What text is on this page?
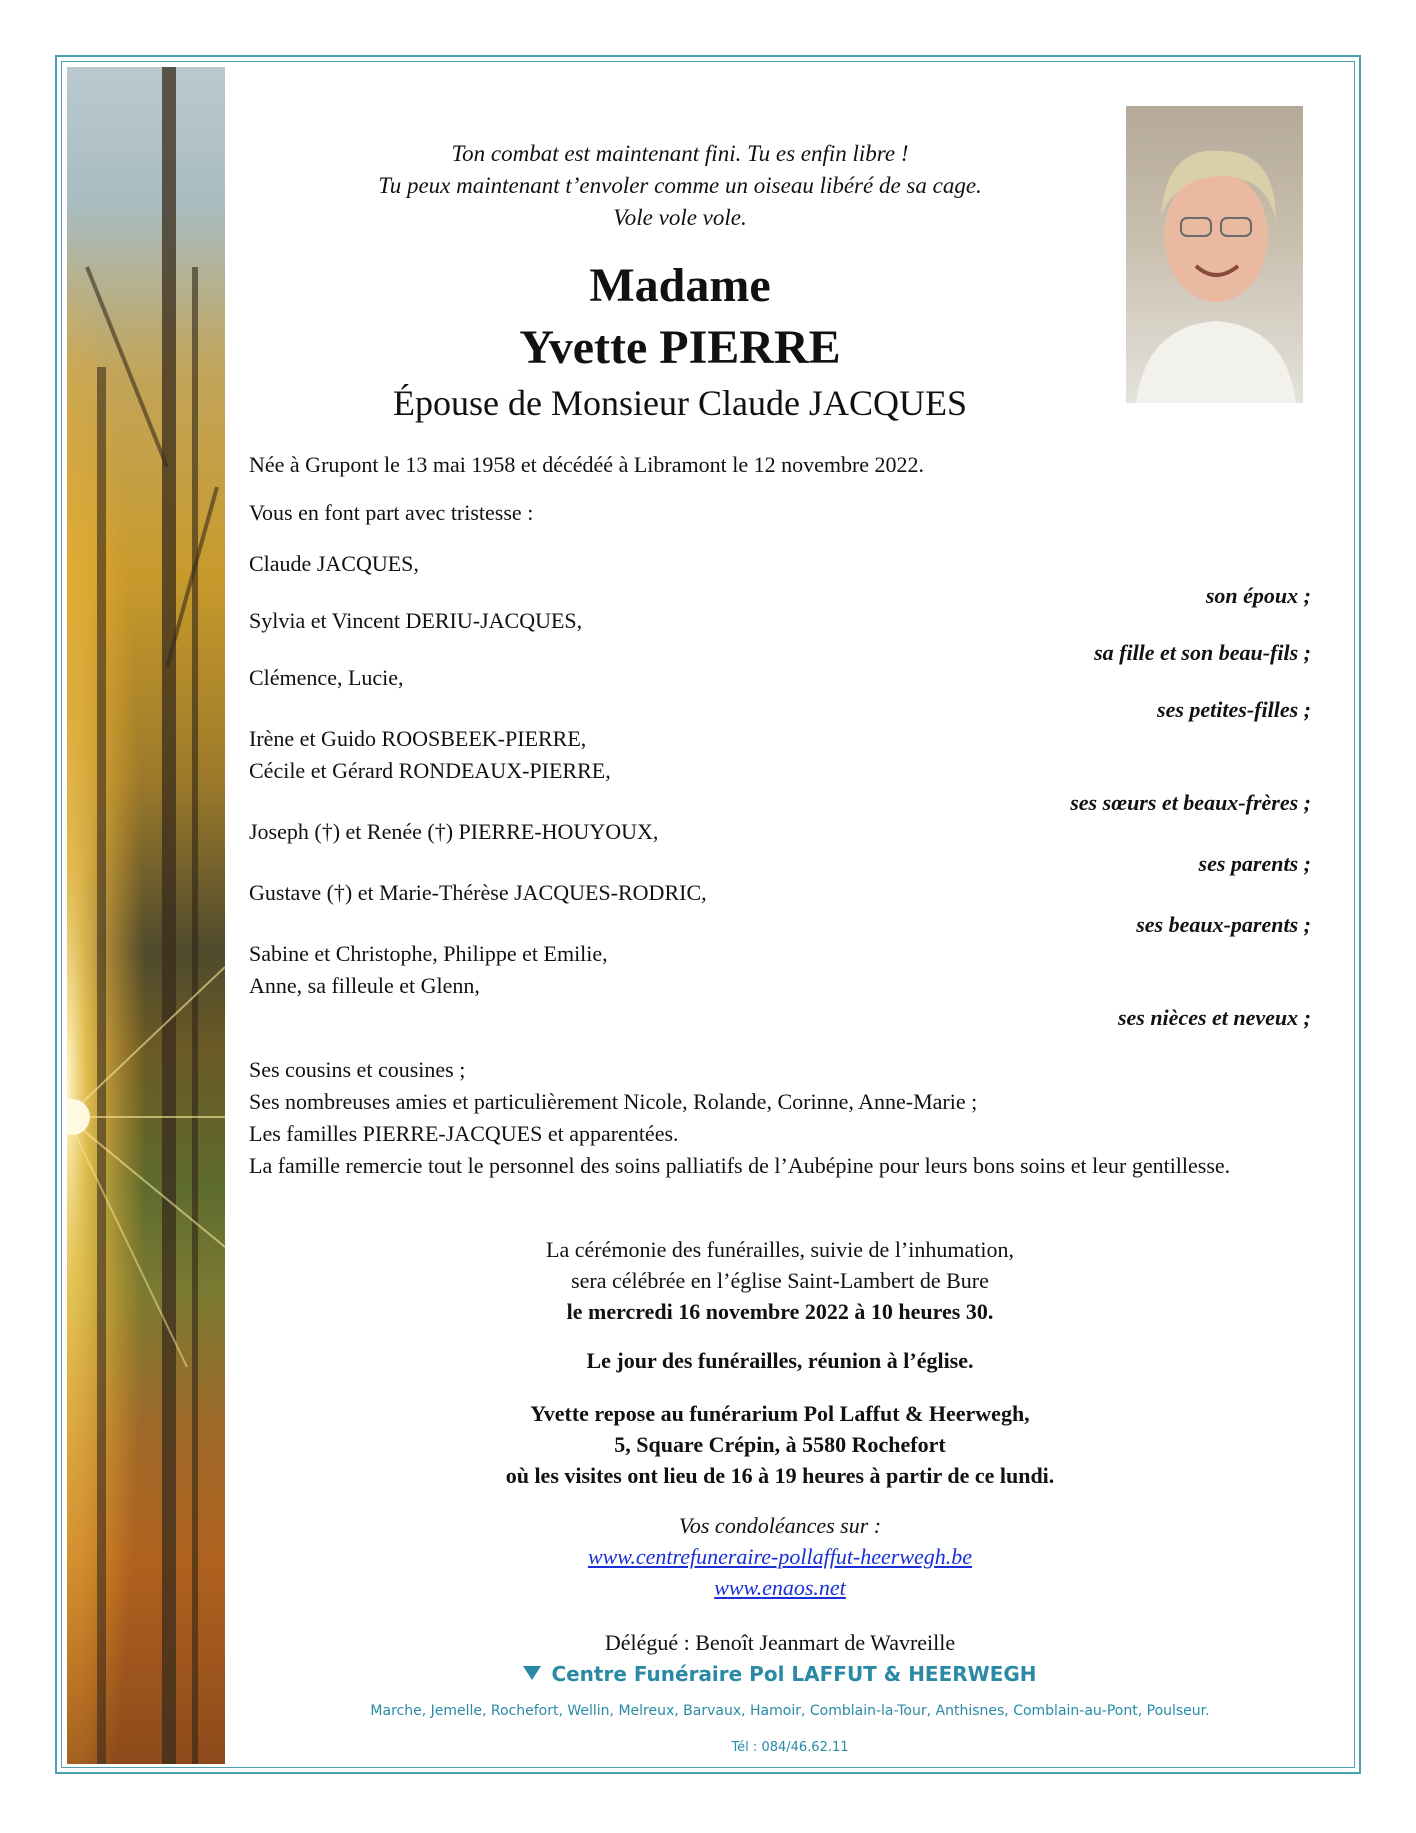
Ton combat est maintenant fini. Tu es enfin libre !
Tu peux maintenant t’envoler comme un oiseau libéré de sa cage.
Vole vole vole.
Madame
Yvette PIERRE
Épouse de Monsieur Claude JACQUES
Née à Grupont le 13 mai 1958 et décédéé à Libramont le 12 novembre 2022.
Vous en font part avec tristesse :
Claude JACQUES,
son époux ;
Sylvia et Vincent DERIU-JACQUES,
sa fille et son beau-fils ;
Clémence, Lucie,
ses petites-filles ;
Irène et Guido ROOSBEEK-PIERRE,
Cécile et Gérard RONDEAUX-PIERRE,
ses sœurs et beaux-frères ;
Joseph (†) et Renée (†) PIERRE-HOUYOUX,
ses parents ;
Gustave (†) et Marie-Thérèse JACQUES-RODRIC,
ses beaux-parents ;
Sabine et Christophe, Philippe et Emilie,
Anne, sa filleule et Glenn,
ses nièces et neveux ;
Ses cousins et cousines ;
Ses nombreuses amies et particulièrement Nicole, Rolande, Corinne, Anne-Marie ;
Les familles PIERRE-JACQUES et apparentées.
La famille remercie tout le personnel des soins palliatifs de l’Aubépine pour leurs bons soins et leur gentillesse.
La cérémonie des funérailles, suivie de l’inhumation,
sera célébrée en l’église Saint-Lambert de Bure
le mercredi 16 novembre 2022 à 10 heures 30.
Le jour des funérailles, réunion à l’église.
Yvette repose au funérarium Pol Laffut & Heerwegh,
5, Square Crépin, à 5580 Rochefort
où les visites ont lieu de 16 à 19 heures à partir de ce lundi.
Vos condoléances sur :
www.centrefuneraire-pollaffut-heerwegh.be
www.enaos.net
Délégué : Benoît Jeanmart de Wavreille
Centre Funéraire Pol LAFFUT & HEERWEGH
Marche, Jemelle, Rochefort, Wellin, Melreux, Barvaux, Hamoir, Comblain-la-Tour, Anthisnes, Comblain-au-Pont, Poulseur.
Tél : 084/46.62.11
